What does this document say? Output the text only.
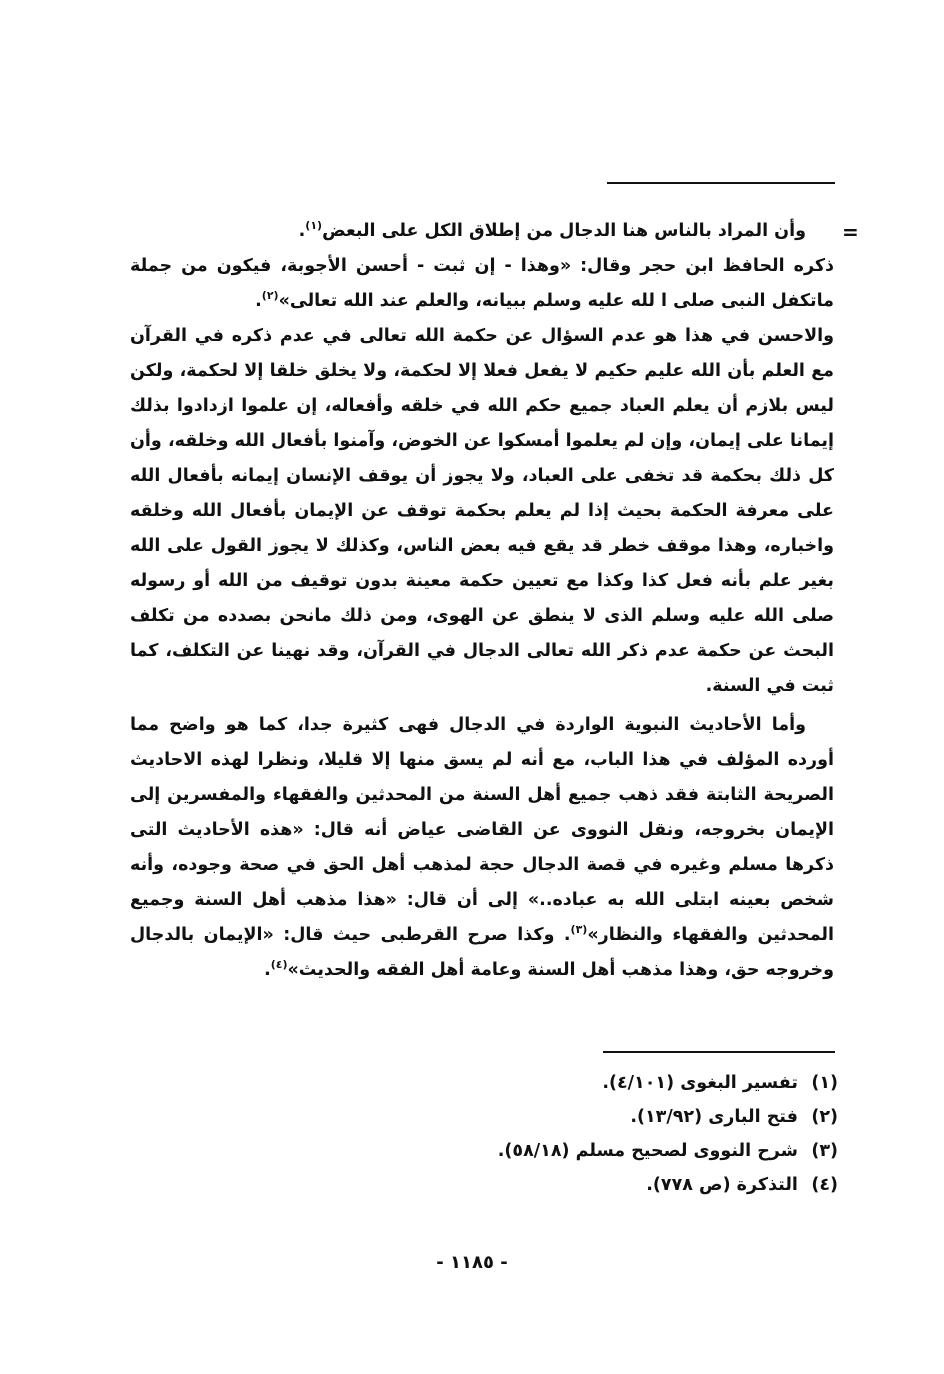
=

وأن المراد بالناس هنا الدجال من إطلاق الكل على البعض$^{(١)}$.

ذكره الحافظ ابن حجر وقال: «وهذا - إن ثبت - أحسن الأجوبة، فيكون من جملة ماتكفل النبى صلى ا لله عليه وسلم ببيانه، والعلم عند الله تعالى»$^{(٢)}$.

والاحسن في هذا هو عدم السؤال عن حكمة الله تعالى في عدم ذكره في القرآن مع العلم بأن الله عليم حكيم لا يفعل فعلا إلا لحكمة، ولا يخلق خلقا إلا لحكمة، ولكن ليس بلازم أن يعلم العباد جميع حكم الله في خلقه وأفعاله، إن علموا ازدادوا بذلك إيمانا على إيمان، وإن لم يعلموا أمسكوا عن الخوض، وآمنوا بأفعال الله وخلقه، وأن كل ذلك بحكمة قد تخفى على العباد، ولا يجوز أن يوقف الإنسان إيمانه بأفعال الله على معرفة الحكمة بحيث إذا لم يعلم بحكمة توقف عن الإيمان بأفعال الله وخلقه واخباره، وهذا موقف خطر قد يقع فيه بعض الناس، وكذلك لا يجوز القول على الله بغير علم بأنه فعل كذا وكذا مع تعيين حكمة معينة بدون توقيف من الله أو رسوله صلى الله عليه وسلم الذى لا ينطق عن الهوى، ومن ذلك مانحن بصدده من تكلف البحث عن حكمة عدم ذكر الله تعالى الدجال في القرآن، وقد نهينا عن التكلف، كما ثبت في السنة.

وأما الأحاديث النبوية الواردة في الدجال فهى كثيرة جدا، كما هو واضح مما أورده المؤلف في هذا الباب، مع أنه لم يسق منها إلا قليلا، ونظرا لهذه الاحاديث الصريحة الثابتة فقد ذهب جميع أهل السنة من المحدثين والفقهاء والمفسرين إلى الإيمان بخروجه، ونقل النووى عن القاضى عياض أنه قال: «هذه الأحاديث التى ذكرها مسلم وغيره في قصة الدجال حجة لمذهب أهل الحق في صحة وجوده، وأنه شخص بعينه ابتلى الله به عباده..» إلى أن قال: «هذا مذهب أهل السنة وجميع المحدثين والفقهاء والنظار»$^{(٣)}$. وكذا صرح القرطبى حيث قال: «الإيمان بالدجال وخروجه حق، وهذا مذهب أهل السنة وعامة أهل الفقه والحديث»$^{(٤)}$.

(١) تفسير البغوى (٤/١٠١).
(٢) فتح البارى (١٣/٩٢).
(٣) شرح النووى لصحيح مسلم (٥٨/١٨).
(٤) التذكرة (ص ٧٧٨).
- ١١٨٥ -
